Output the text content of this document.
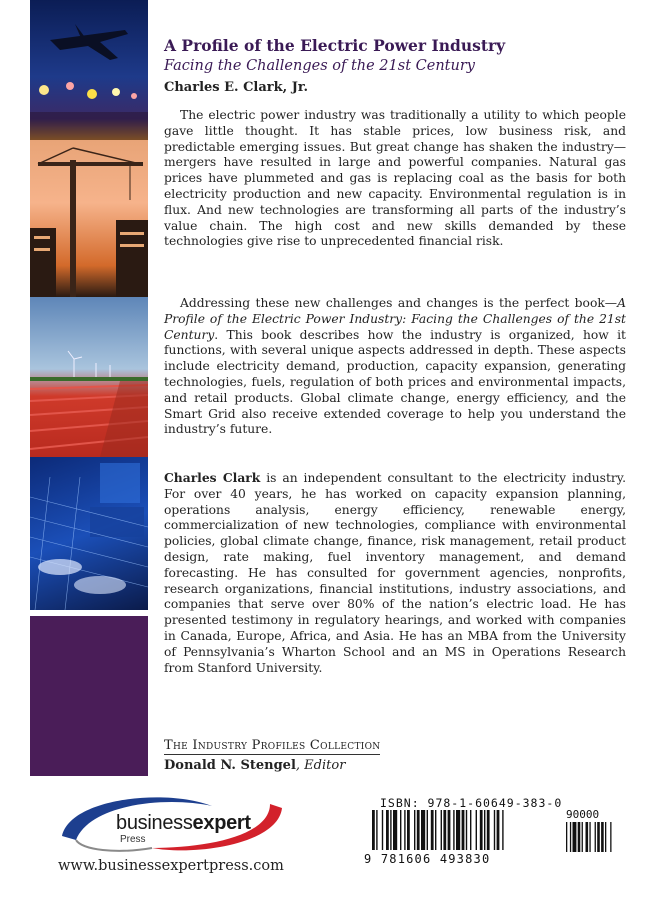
A Profile of the Electric Power Industry
Facing the Challenges of the 21st Century
Charles E. Clark, Jr.

The electric power industry was traditionally a utility to which people gave little thought. It has stable prices, low business risk, and predictable emerging issues. But great change has shaken the industry—mergers have resulted in large and powerful companies. Natural gas prices have plummeted and gas is replacing coal as the basis for both electricity production and new capacity. Environmental regulation is in flux. And new technologies are transforming all parts of the industry’s value chain. The high cost and new skills demanded by these technologies give rise to unprecedented financial risk.

Addressing these new challenges and changes is the perfect book—A Profile of the Electric Power Industry: Facing the Challenges of the 21st Century. This book describes how the industry is organized, how it functions, with several unique aspects addressed in depth. These aspects include electricity demand, production, capacity expansion, generating technologies, fuels, regulation of both prices and environmental impacts, and retail products. Global climate change, energy efficiency, and the Smart Grid also receive extended coverage to help you understand the industry’s future.

Charles Clark is an independent consultant to the electricity industry. For over 40 years, he has worked on capacity expansion planning, operations analysis, energy efficiency, renewable energy, commercialization of new technologies, compliance with environmental policies, global climate change, finance, risk management, retail product design, rate making, fuel inventory management, and demand forecasting. He has consulted for government agencies, nonprofits, research organizations, financial institutions, industry associations, and companies that serve over 80% of the nation’s electric load. He has presented testimony in regulatory hearings, and worked with companies in Canada, Europe, Africa, and Asia. He has an MBA from the University of Pennsylvania’s Wharton School and an MS in Operations Research from Stanford University.

The Industry Profiles Collection
Donald N. Stengel, Editor
businessexpert
Press
www.businessexpertpress.com
ISBN: 978-1-60649-383-0
90000
9 781606 493830
